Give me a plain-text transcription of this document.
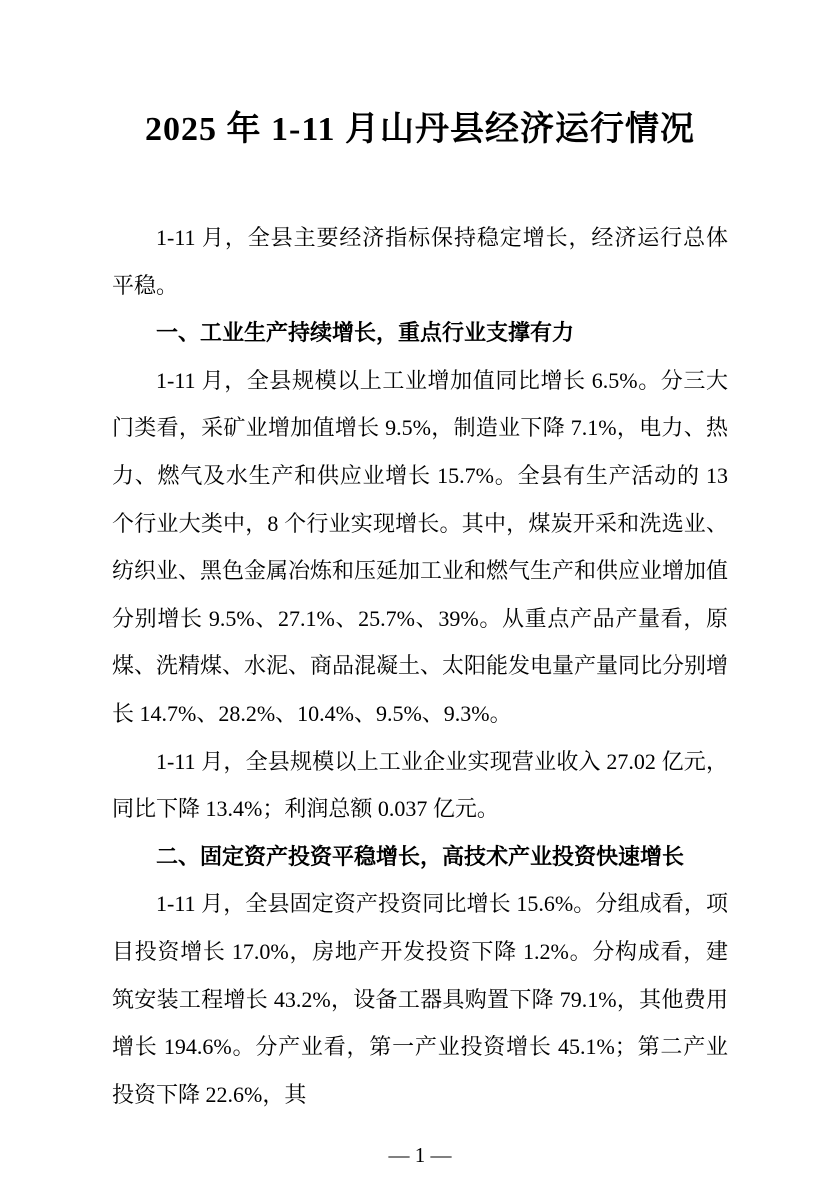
2025 年 1-11 月山丹县经济运行情况

1-11 月，全县主要经济指标保持稳定增长，经济运行总体平稳。

一、工业生产持续增长，重点行业支撑有力

1-11 月，全县规模以上工业增加值同比增长 6.5%。分三大门类看，采矿业增加值增长 9.5%，制造业下降 7.1%，电力、热力、燃气及水生产和供应业增长 15.7%。全县有生产活动的 13 个行业大类中，8 个行业实现增长。其中，煤炭开采和洗选业、纺织业、黑色金属冶炼和压延加工业和燃气生产和供应业增加值分别增长 9.5%、27.1%、25.7%、39%。从重点产品产量看，原煤、洗精煤、水泥、商品混凝土、太阳能发电量产量同比分别增长 14.7%、28.2%、10.4%、9.5%、9.3%。

1-11 月，全县规模以上工业企业实现营业收入 27.02 亿元，同比下降 13.4%；利润总额 0.037 亿元。

二、固定资产投资平稳增长，高技术产业投资快速增长

1-11 月，全县固定资产投资同比增长 15.6%。分组成看，项目投资增长 17.0%，房地产开发投资下降 1.2%。分构成看，建筑安装工程增长 43.2%，设备工器具购置下降 79.1%，其他费用增长 194.6%。分产业看，第一产业投资增长 45.1%；第二产业投资下降 22.6%，其

— 1 —
